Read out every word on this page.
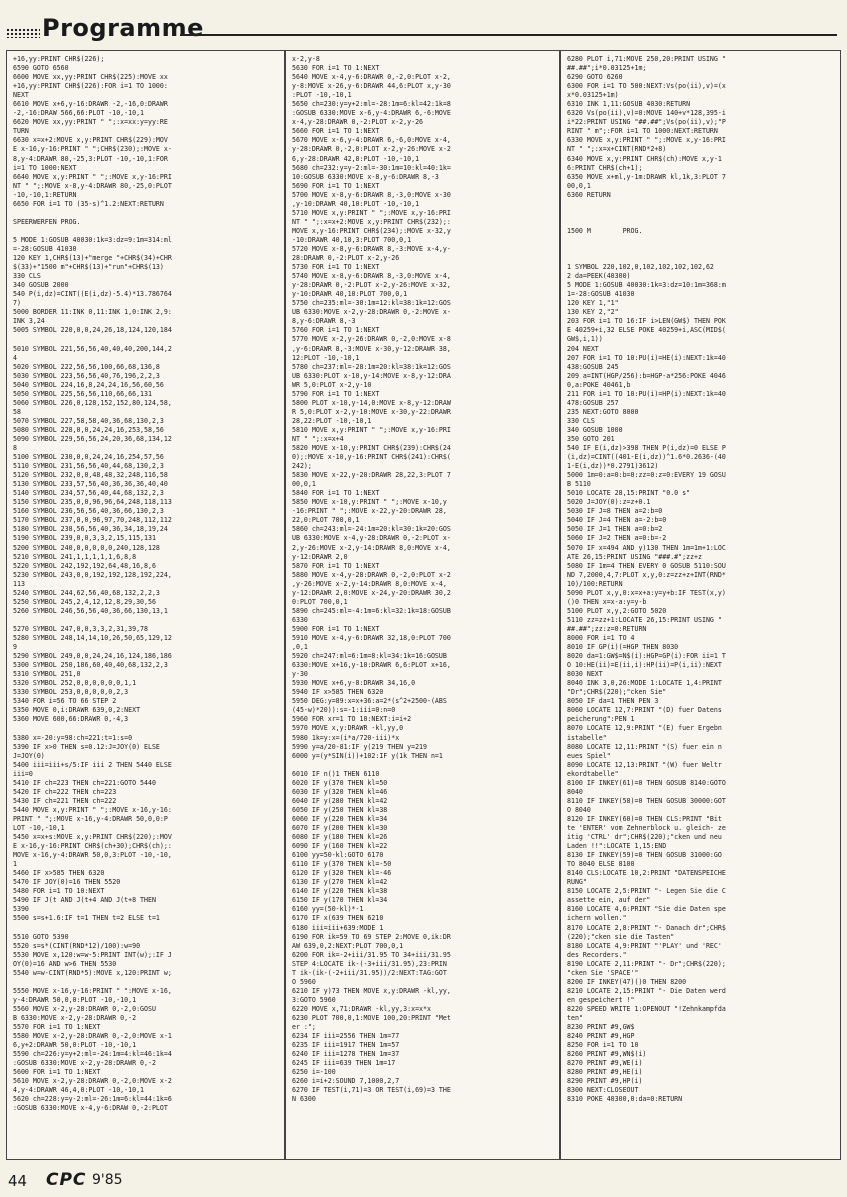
Programme
+16,yy:PRINT CHR$(226);
6590 GOTO 6560
6600 MOVE xx,yy:PRINT CHR$(225):MOVE xx
+16,yy:PRINT CHR$(226):FOR i=1 TO 1000:
NEXT
6610 MOVE x+6,y-16:DRAWR -2,-16,0:DRAWR
-2,-16:DRAW 566,66:PLOT -10,-10,1
6620 MOVE xx,yy:PRINT " ";:x=xx:y=yy:RE
TURN
6630 x=x+2:MOVE x,y:PRINT CHR$(229):MOV
E x-16,y-16:PRINT " ";CHR$(230);:MOVE x-
8,y-4:DRAWR 80,-25,3:PLOT -10,-10,1:FOR
i=1 TO 1000:NEXT
6640 MOVE x,y:PRINT " ";:MOVE x,y-16:PRI
NT " ";:MOVE x-8,y-4:DRAWR 80,-25,0:PLOT
-10,-10,1:RETURN
6650 FOR i=1 TO (35-s)^1.2:NEXT:RETURN

SPEERWERFEN PROG.

5 MODE 1:GOSUB 40030:1k=3:dz=9:1m=314:ml
=-28:GOSUB 41030
120 KEY 1,CHR$(13)+"merge "+CHR$(34)+CHR
$(33)+"1500 m"+CHR$(13)+"run"+CHR$(13)
330 CLS
340 GOSUB 2000
540 P(i,dz)=CINT((E(i,dz)-5.4)*13.786764
7)
5000 BORDER 11:INK 0,11:INK 1,0:INK 2,9:
INK 3,24
5005 SYMBOL 220,0,0,24,26,18,124,120,184

5010 SYMBOL 221,56,56,40,40,40,200,144,2
4
5020 SYMBOL 222,56,56,100,66,68,136,8
5030 SYMBOL 223,56,56,40,76,196,2,2,3
5040 SYMBOL 224,16,8,24,24,16,56,60,56
5050 SYMBOL 225,56,56,110,66,66,131
5060 SYMBOL 226,0,128,152,152,80,124,58,
58
5070 SYMBOL 227,58,58,40,36,68,130,2,3
5080 SYMBOL 228,0,0,24,24,16,253,58,56
5090 SYMBOL 229,56,56,24,20,36,68,134,12
8
5100 SYMBOL 230,0,0,24,24,16,254,57,56
5110 SYMBOL 231,56,56,40,44,68,130,2,3
5120 SYMBOL 232,0,0,48,48,32,248,116,58
5130 SYMBOL 233,57,56,40,36,36,36,40,40
5140 SYMBOL 234,57,56,40,44,68,132,2,3
5150 SYMBOL 235,0,0,96,96,64,248,118,113
5160 SYMBOL 236,56,56,40,36,66,130,2,3
5170 SYMBOL 237,0,0,96,97,70,248,112,112
5180 SYMBOL 238,56,56,40,36,34,18,19,24
5190 SYMBOL 239,0,0,3,3,2,15,115,131
5200 SYMBOL 240,0,0,0,0,0,240,128,128
5210 SYMBOL 241,1,1,1,1,1,6,8,8
5220 SYMBOL 242,192,192,64,48,16,8,6
5230 SYMBOL 243,0,0,192,192,128,192,224,
113
5240 SYMBOL 244,62,56,40,68,132,2,2,3
5250 SYMBOL 245,2,4,12,12,8,29,30,56
5260 SYMBOL 246,56,56,40,36,66,130,13,1

5270 SYMBOL 247,0,0,3,3,2,31,39,78
5280 SYMBOL 248,14,14,10,26,50,65,129,12
9
5290 SYMBOL 249,0,0,24,24,16,124,186,186
5300 SYMBOL 250,186,60,40,40,68,132,2,3
5310 SYMBOL 251,0
5320 SYMBOL 252,0,0,0,0,0,0,1,1
5330 SYMBOL 253,0,0,0,0,0,2,3
5340 FOR i=56 TO 66 STEP 2
5350 MOVE 0,i:DRAWR 639,0,2:NEXT
5360 MOVE 600,66:DRAWR 0,-4,3

5380 x=-20:y=98:ch=221:t=1:s=0
5390 IF x>0 THEN s=0.12:J=JOY(0) ELSE
J=JOY(0)
5400 iii=iii+s/5:IF iii 2 THEN 5440 ELSE
iii=0
5410 IF ch=223 THEN ch=221:GOTO 5440
5420 IF ch=222 THEN ch=223
5430 IF ch=221 THEN ch=222
5440 MOVE x,y:PRINT " ";:MOVE x-16,y-16:
PRINT " ";:MOVE x-16,y-4:DRAWR 50,0,0:P
LOT -10,-10,1
5450 x=x+s:MOVE x,y:PRINT CHR$(220);:MOV
E x-16,y-16:PRINT CHR$(ch+30);CHR$(ch);:
MOVE x-16,y-4:DRAWR 50,0,3:PLOT -10,-10,
1
5460 IF x>585 THEN 6320
5470 IF JOY(0)=16 THEN 5520
5480 FOR i=1 TO 10:NEXT
5490 IF J(t AND J(t+4 AND J(t+8 THEN
5390
5500 s=s+1.6:IF t=1 THEN t=2 ELSE t=1

5510 GOTO 5390
5520 s=s*(CINT(RND*12)/100):w=90
5530 MOVE x,120:w=w-5:PRINT INT(w);:IF J
OY(0)=16 AND w>6 THEN 5530
5540 w=w-CINT(RND*5):MOVE x,120:PRINT w;

5550 MOVE x-16,y-16:PRINT " ":MOVE x-16,
y-4:DRAWR 50,0,0:PLOT -10,-10,1
5560 MOVE x-2,y-28:DRAWR 0,-2,0:GOSU
B 6330:MOVE x-2,y-28:DRAWR 0,-2
5570 FOR i=1 TO 1:NEXT
5580 MOVE x-2,y-28:DRAWR 0,-2,0:MOVE x-1
6,y+2:DRAWR 50,0:PLOT -10,-10,1
5590 ch=226:y=y+2:ml=-24:1m=4:kl=46:1k=4
:GOSUB 6330:MOVE x-2,y-28:DRAWR 0,-2
5600 FOR i=1 TO 1:NEXT
5610 MOVE x-2,y-28:DRAWR 0,-2,0:MOVE x-2
4,y-4:DRAWR 46,4,0:PLOT -10,-10,1
5620 ch=228:y=y-2:ml=-26:1m=6:kl=44:1k=6
:GOSUB 6330:MOVE x-4,y-6:DRAW 0,-2:PLOT
x-2,y-8
5630 FOR i=1 TO 1:NEXT
5640 MOVE x-4,y-6:DRAWR 0,-2,0:PLOT x-2,
y-8:MOVE x-26,y-6:DRAWR 44,6:PLOT x,y-30
:PLOT -10,-10,1
5650 ch=230:y=y+2:ml=-28:1m=6:kl=42:1k=8
:GOSUB 6330:MOVE x-6,y-4:DRAWR 6,-6:MOVE
x-4,y-28:DRAWR 0,-2:PLOT x-2,y-26
5660 FOR i=1 TO 1:NEXT
5670 MOVE x-6,y-4:DRAWR 6,-6,0:MOVE x-4,
y-28:DRAWR 0,-2,0:PLOT x-2,y-26:MOVE x-2
6,y-28:DRAWR 42,8:PLOT -10,-10,1
5680 ch=232:y=y-2:ml=-30:1m=10:kl=40:1k=
10:GOSUB 6330:MOVE x-8,y-6:DRAWR 8,-3
5690 FOR i=1 TO 1:NEXT
5700 MOVE x-8,y-6:DRAWR 8,-3,0:MOVE x-30
,y-10:DRAWR 40,10:PLOT -10,-10,1
5710 MOVE x,y:PRINT " ";:MOVE x,y-16:PRI
NT " ";:x=x+2:MOVE x,y:PRINT CHR$(232);:
MOVE x,y-16:PRINT CHR$(234);:MOVE x-32,y
-10:DRAWR 40,10,3:PLOT 700,0,1
5720 MOVE x-8,y-6:DRAWR 8,-3:MOVE x-4,y-
28:DRAWR 0,-2:PLOT x-2,y-26
5730 FOR i=1 TO 1:NEXT
5740 MOVE x-8,y-6:DRAWR 8,-3,0:MOVE x-4,
y-28:DRAWR 0,-2:PLOT x-2,y-26:MOVE x-32,
y-10:DRAWR 40,10:PLOT 700,0,1
5750 ch=235:ml=-30:1m=12:kl=38:1k=12:GOS
UB 6330:MOVE x-2,y-28:DRAWR 0,-2:MOVE x-
8,y-6:DRAWR 8,-3
5760 FOR i=1 TO 1:NEXT
5770 MOVE x-2,y-26:DRAWR 0,-2,0:MOVE x-8
,y-6:DRAWR 8,-3:MOVE x-30,y-12:DRAWR 38,
12:PLOT -10,-10,1
5780 ch=237:ml=-28:1m=20:kl=38:1k=12:GOS
UB 6330:PLOT x-10,y-14:MOVE x-8,y-12:DRA
WR 5,0:PLOT x-2,y-10
5790 FOR i=1 TO 1:NEXT
5800 PLOT x-10,y-14,0:MOVE x-8,y-12:DRAW
R 5,0:PLOT x-2,y-10:MOVE x-30,y-22:DRAWR
28,22:PLOT -10,-10,1
5810 MOVE x,y:PRINT " ";:MOVE x,y-16:PRI
NT " ";:x=x+4
5820 MOVE x-10,y:PRINT CHR$(239):CHR$(24
0);:MOVE x-10,y-16:PRINT CHR$(241):CHR$(
242);
5830 MOVE x-22,y-20:DRAWR 28,22,3:PLOT 7
00,0,1
5840 FOR i=1 TO 1:NEXT
5850 MOVE x-10,y:PRINT " ";:MOVE x-10,y
-16:PRINT " ";:MOVE x-22,y-20:DRAWR 28,
22,0:PLOT 700,0,1
5860 ch=243:ml=-24:1m=20:kl=30:1k=20:GOS
UB 6330:MOVE x-4,y-28:DRAWR 0,-2:PLOT x-
2,y-26:MOVE x-2,y-14:DRAWR 8,0:MOVE x-4,
y-12:DRAWR 2,0
5870 FOR i=1 TO 1:NEXT
5880 MOVE x-4,y-28:DRAWR 0,-2,0:PLOT x-2
,y-26:MOVE x-2,y-14:DRAWR 8,0:MOVE x-4,
y-12:DRAWR 2,0:MOVE x-24,y-20:DRAWR 30,2
0:PLOT 700,0,1
5890 ch=245:ml=-4:1m=6:kl=32:1k=18:GOSUB
6330
5900 FOR i=1 TO 1:NEXT
5910 MOVE x-4,y-6:DRAWR 32,18,0:PLOT 700
,0,1
5920 ch=247:ml=6:1m=8:kl=34:1k=16:GOSUB
6330:MOVE x+16,y-10:DRAWR 6,6:PLOT x+16,
y-30
5930 MOVE x+6,y-8:DRAWR 34,16,0
5940 IF x>585 THEN 6320
5950 DEG:y=89:x=x+36:a=2*(s^2+2500-(ABS
(45-w)*20)):s=-1:iii=0:n=0
5960 FOR xr=1 TO 10:NEXT:i=i+2
5970 MOVE x,y:DRAWR -kl,yy,0
5980 1k=y:x=(i*a/720-iii)*x
5990 y=a/20-81:IF y(219 THEN y=219
6000 y=(y*SIN(i))+102:IF y(1k THEN n=1

6010 IF n()1 THEN 6110
6020 IF y(370 THEN kl=50
6030 IF y(320 THEN kl=46
6040 IF y(280 THEN kl=42
6050 IF y(250 THEN kl=38
6060 IF y(220 THEN kl=34
6070 IF y(200 THEN kl=30
6080 IF y(180 THEN kl=26
6090 IF y(160 THEN kl=22
6100 yy=50-kl:GOTO 6170
6110 IF y(370 THEN kl=-50
6120 IF y(320 THEN kl=-46
6130 IF y(270 THEN kl=42
6140 IF y(220 THEN kl=38
6150 IF y(170 THEN kl=34
6160 yy=(50-kl)*-1
6170 IF x(639 THEN 6210
6180 iii=iii+639:MODE 1
6190 FOR ik=59 TO 69 STEP 2:MOVE 0,ik:DR
AW 639,0,2:NEXT:PLOT 700,0,1
6200 FOR ik=-2+iii/31.95 TO 34+iii/31.95
STEP 4:LOCATE ik-(-3+iii/31.95),23:PRIN
T ik-(ik-(-2+iii/31.95))/2:NEXT:TAG:GOT
O 5960
6210 IF y)73 THEN MOVE x,y:DRAWR -kl,yy,
3:GOTO 5960
6220 MOVE x,71:DRAWR -kl,yy,3:x=x*x
6230 PLOT 700,0,1:MOVE 100,20:PRINT "Met
er :";
6234 IF iii=2556 THEN 1m=77
6235 IF iii=1917 THEN 1m=57
6240 IF iii=1278 THEN 1m=37
6245 IF iii=639 THEN 1m=17
6250 i=-100
6260 i=i+2:SOUND 7,1000,2,7
6270 IF TEST(i,71)=3 OR TEST(i,69)=3 THE
N 6300
6280 PLOT i,71:MOVE 250,20:PRINT USING "
##.##";i*0.03125+1m;
6290 GOTO 6260
6300 FOR i=1 TO 500:NEXT:Vs(po(ii),v)=(x
x*0.03125+1m)
6310 INK 1,11:GOSUB 4030:RETURN
6320 Vs(po(ii),v)=0:MOVE 140+v*128,395-i
i*22:PRINT USING "##.##";Vs(po(ii),v);"P
RINT " m";:FOR i=1 TO 1000:NEXT:RETURN
6330 MOVE x,y:PRINT " ";:MOVE x,y-16:PRI
NT " ";:x=x+CINT(RND*2+8)
6340 MOVE x,y:PRINT CHR$(ch):MOVE x,y-1
6:PRINT CHR$(ch+1);
6350 MOVE x+ml,y-1m:DRAWR kl,1k,3:PLOT 7
00,0,1
6360 RETURN

1500 M        PROG.

1 SYMBOL 220,102,0,102,102,102,102,62
2 da=PEEK(40300)
5 MODE 1:GOSUB 40030:1k=3:dz=10:1m=368:m
1=-28:GOSUB 41030
120 KEY 1,"1"
130 KEY 2,"2"
203 FOR i=1 TO 16:IF i>LEN(GW$) THEN POK
E 40259+i,32 ELSE POKE 40259+i,ASC(MID$(
GW$,i,1))
204 NEXT
207 FOR i=1 TO 10:PU(i)=HE(i):NEXT:1k=40
438:GOSUB 245
209 a=INT(HGP/256):b=HGP-a*256:POKE 4046
0,a:POKE 40461,b
211 FOR i=1 TO 10:PU(i)=HP(i):NEXT:1k=40
478:GOSUB 257
235 NEXT:GOTO 8000
330 CLS
340 GOSUB 1000
350 GOTO 201
540 IF E(i,dz)>398 THEN P(i,dz)=0 ELSE P
(i,dz)=CINT((401-E(i,dz))^1.6*0.2636-(40
1-E(i,dz))*0.2791)3612)
5000 1m=0:a=0:b=0:zz=0:z=0:EVERY 19 GOSU
B 5110
5010 LOCATE 28,15:PRINT "0.0 s"
5020 J=JOY(0):z=z+0.1
5030 IF J=8 THEN a=2:b=0
5040 IF J=4 THEN a=-2:b=0
5050 IF J=1 THEN a=0:b=2
5060 IF J=2 THEN a=0:b=-2
5070 IF x=494 AND y)130 THEN 1m=1m+1:LOC
ATE 26,15:PRINT USING "###.#";zz+z
5080 IF 1m=4 THEN EVERY 0 GOSUB 5110:SOU
ND 7,2000,4,7:PLOT x,y,0:z=zz+z+INT(RND*
10)/100:RETURN
5090 PLOT x,y,0:x=x+a:y=y+b:IF TEST(x,y)
()0 THEN x=x-a:y=y-b
5100 PLOT x,y,2:GOTO 5020
5110 zz=zz+1:LOCATE 26,15:PRINT USING "
##.##";zz:z=0:RETURN
8000 FOR i=1 TO 4
8010 IF GP(i)(=HGP THEN 8030
8020 da=1:GW$=N$(i):HGP=GP(i):FOR ii=1 T
O 10:HE(ii)=E(ii,i):HP(ii)=P(i,ii):NEXT
8030 NEXT
8040 INK 3,0,26:MODE 1:LOCATE 1,4:PRINT
"Dr";CHR$(220);"cken Sie"
8050 IF da=1 THEN PEN 3
8060 LOCATE 12,7:PRINT "(D) fuer Datens
peicherung":PEN 1
8070 LOCATE 12,9:PRINT "(E) fuer Ergebn
istabelle"
8080 LOCATE 12,11:PRINT "(S) fuer ein n
eues Spiel"
8090 LOCATE 12,13:PRINT "(W) fuer Weltr
ekordtabelle"
8100 IF INKEY(61)=0 THEN GOSUB 8140:GOTO
8040
8110 IF INKEY(58)=0 THEN GOSUB 30000:GOT
O 8040
8120 IF INKEY(60)=0 THEN CLS:PRINT "Bit
te 'ENTER' vom Zehnerblock u. gleich- ze
itig 'CTRL' dr";CHR$(220);"cken und neu
Laden !!":LOCATE 1,15:END
8130 IF INKEY(59)=0 THEN GOSUB 31000:GO
TO 8040 ELSE 8100
8140 CLS:LOCATE 10,2:PRINT "DATENSPEICHE
RUNG"
8150 LOCATE 2,5:PRINT "- Legen Sie die C
assette ein, auf der"
8160 LOCATE 4,6:PRINT "Sie die Daten spe
ichern wollen."
8170 LOCATE 2,8:PRINT "- Danach dr";CHR$
(220);"cken sie die Tasten"
8180 LOCATE 4,9:PRINT "'PLAY' und 'REC'
des Recorders."
8190 LOCATE 2,11:PRINT "- Dr";CHR$(220);
"cken Sie 'SPACE'"
8200 IF INKEY(47)()0 THEN 8200
8210 LOCATE 2,15:PRINT "- Die Daten werd
en gespeichert !"
8220 SPEED WRITE 1:OPENOUT "!Zehnkampfda
ten"
8230 PRINT #9,GW$
8240 PRINT #9,HGP
8250 FOR i=1 TO 10
8260 PRINT #9,WN$(i)
8270 PRINT #9,WE(i)
8280 PRINT #9,HE(i)
8290 PRINT #9,HP(i)
8300 NEXT:CLOSEOUT
8310 POKE 40300,0:da=0:RETURN
44 CPC 9'85
